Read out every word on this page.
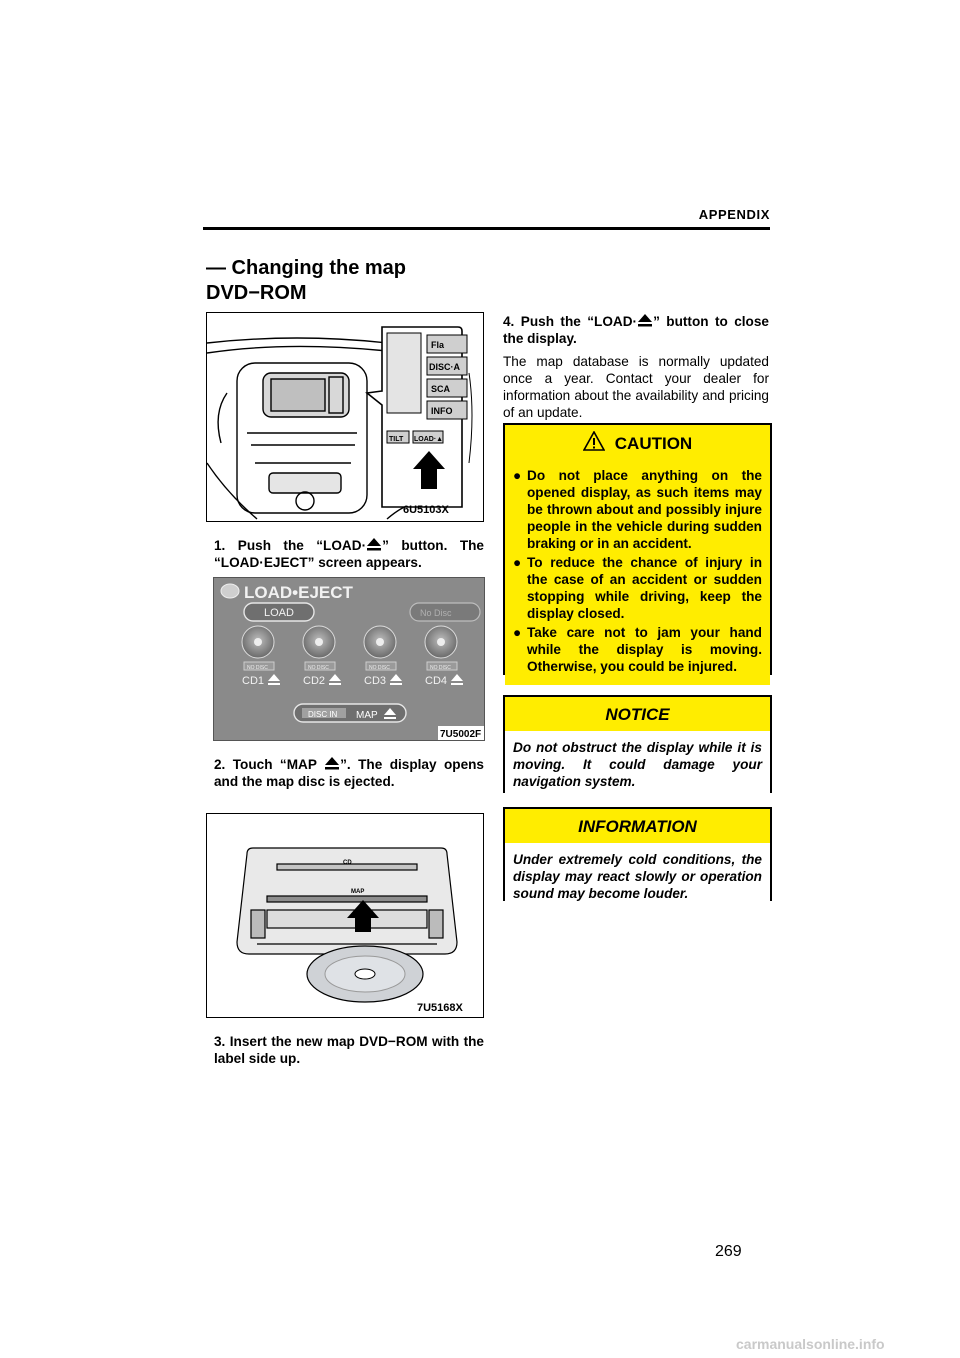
APPENDIX
— Changing the map
DVD−ROM
Fla
DISC·A
SCA
INFO
TILT LOAD·▲
6U5103X
1. Push the “LOAD· ” button. The “LOAD·EJECT” screen appears.
LOAD•EJECT
LOAD	No Disc
NO DISC
CD1
NO DISC
CD2
NO DISC
CD3
NO DISC
CD4
DISC IN MAP
7U5002F
2. Touch “MAP ”. The display opens and the map disc is ejected.
CD
MAP
7U5168X
3. Insert the new map DVD−ROM with the label side up.
4. Push the “LOAD· ” button to close the display.
The map database is normally updated once a year. Contact your dealer for information about the availability and pricing of an update.
CAUTION
● Do not place anything on the opened display, as such items may be thrown about and possibly injure people in the vehicle during sudden braking or in an accident.
● To reduce the chance of injury in the case of an accident or sudden stopping while driving, keep the display closed.
● Take care not to jam your hand while the display is moving. Otherwise, you could be injured.
NOTICE
Do not obstruct the display while it is moving. It could damage your navigation system.
INFORMATION
Under extremely cold conditions, the display may react slowly or operation sound may become louder.
269
carmanualsonline.info
